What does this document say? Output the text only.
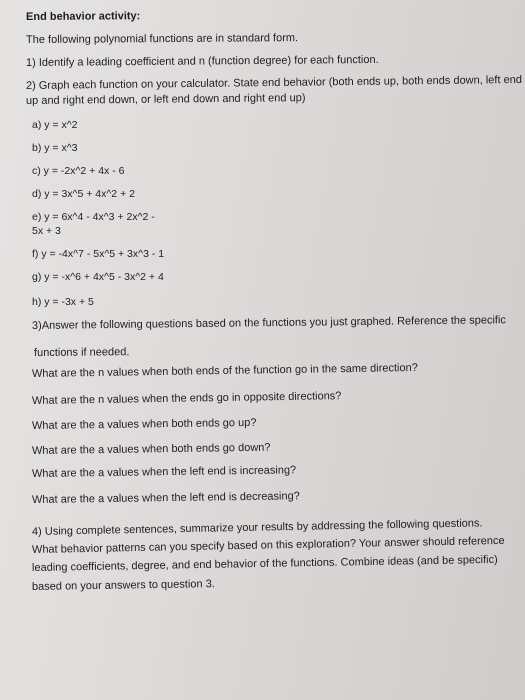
End behavior activity:
The following polynomial functions are in standard form.
1) Identify a leading coefficient and n (function degree) for each function.
2) Graph each function on your calculator. State end behavior (both ends up, both ends down, left end
up and right end down, or left end down and right end up)
a) y = x^2
b) y = x^3
c) y = -2x^2 + 4x - 6
d) y = 3x^5 + 4x^2 + 2
e) y = 6x^4 - 4x^3 + 2x^2 -
5x + 3
f) y = -4x^7 - 5x^5 + 3x^3 - 1
g) y = -x^6 + 4x^5 - 3x^2 + 4
h) y = -3x + 5
3)Answer the following questions based on the functions you just graphed. Reference the specific
functions if needed.
What are the n values when both ends of the function go in the same direction?
What are the n values when the ends go in opposite directions?
What are the a values when both ends go up?
What are the a values when both ends go down?
What are the a values when the left end is increasing?
What are the a values when the left end is decreasing?
4) Using complete sentences, summarize your results by addressing the following questions.
What behavior patterns can you specify based on this exploration? Your answer should reference
leading coefficients, degree, and end behavior of the functions. Combine ideas (and be specific)
based on your answers to question 3.
